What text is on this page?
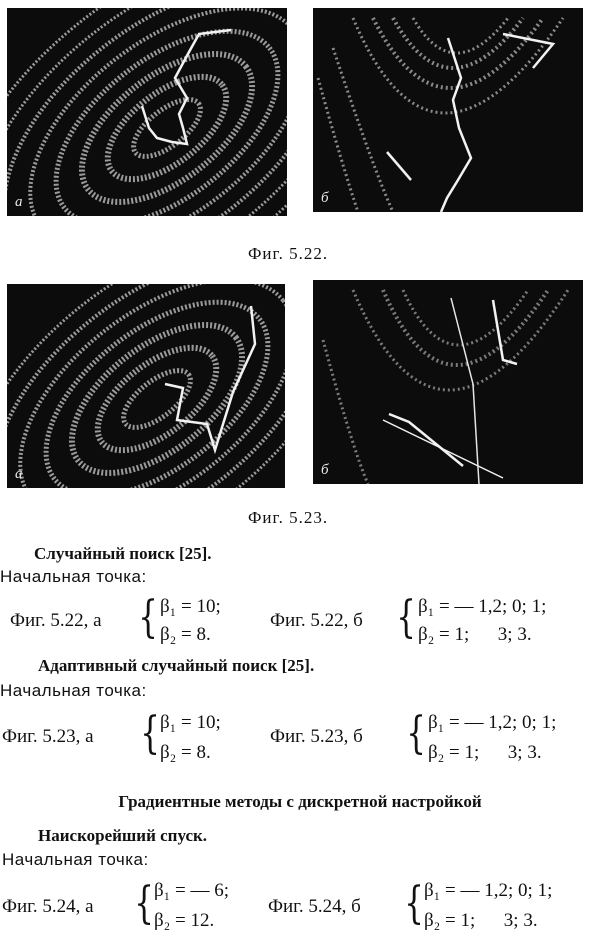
a	б
Фиг. 5.22.
a	б
Фиг. 5.23.
Случайный поиск [25].
Начальная точка:
Фиг. 5.22, a { β₁ = 10;
β₂ = 8.
Фиг. 5.22, б { β₁ = — 1,2; 0; 1;
β₂ = 1;      3; 3.
Адаптивный случайный поиск [25].
Начальная точка:
Фиг. 5.23, a { β₁ = 10;
β₂ = 8.
Фиг. 5.23, б { β₁ = — 1,2; 0; 1;
β₂ = 1;      3; 3.
Градиентные методы с дискретной настройкой
Наискорейший спуск.
Начальная точка:
Фиг. 5.24, a { β₁ = — 6;
β₂ = 12.
Фиг. 5.24, б { β₁ = — 1,2; 0; 1;
β₂ = 1;      3; 3.
